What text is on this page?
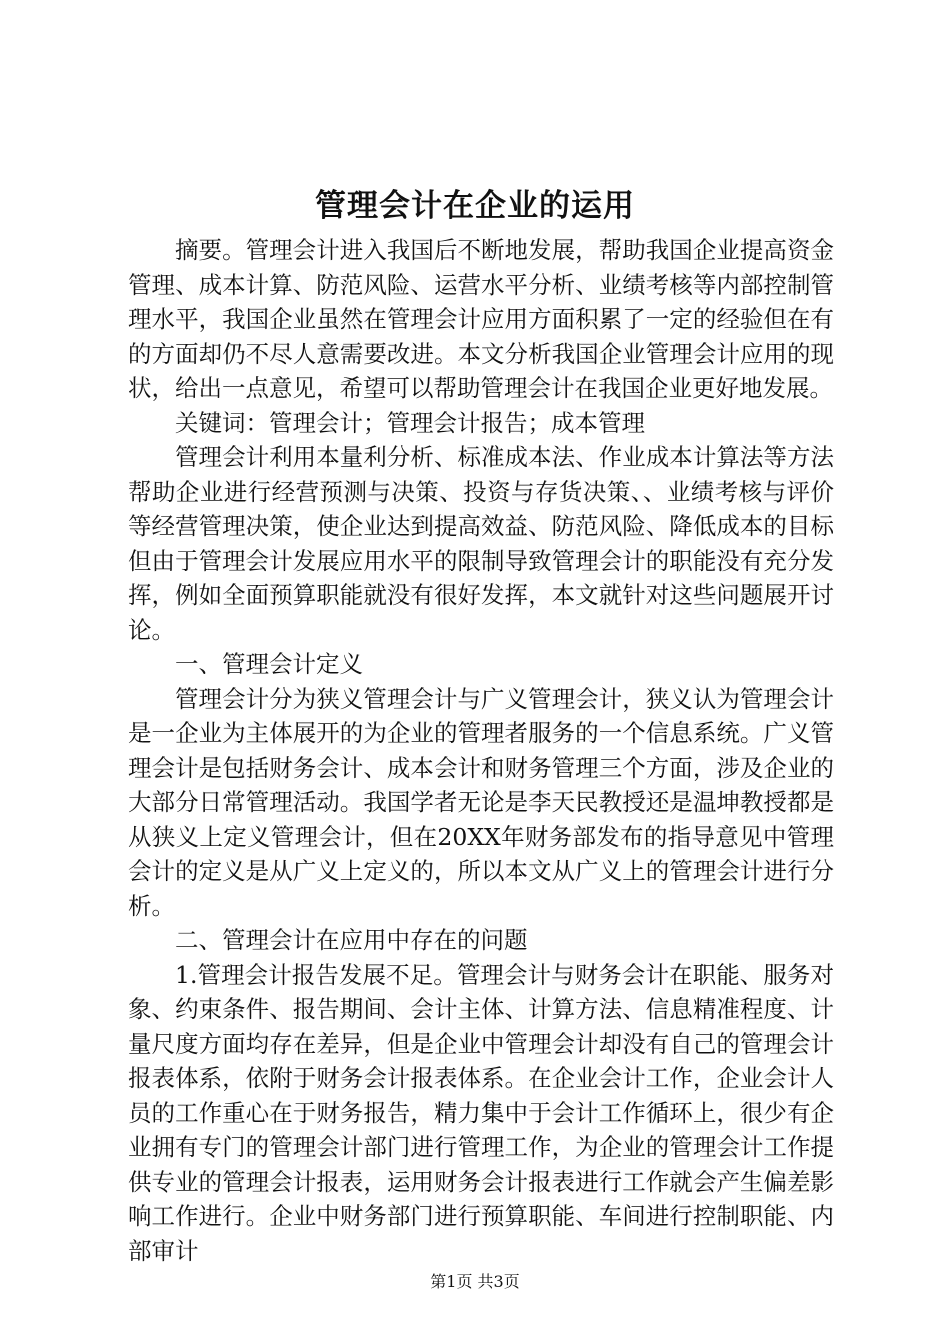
管理会计在企业的运用

摘要。管理会计进入我国后不断地发展，帮助我国企业提高资金管理、成本计算、防范风险、运营水平分析、业绩考核等内部控制管理水平，我国企业虽然在管理会计应用方面积累了一定的经验但在有的方面却仍不尽人意需要改进。本文分析我国企业管理会计应用的现状，给出一点意见，希望可以帮助管理会计在我国企业更好地发展。

关键词：管理会计；管理会计报告；成本管理

管理会计利用本量利分析、标准成本法、作业成本计算法等方法帮助企业进行经营预测与决策、投资与存货决策、、业绩考核与评价等经营管理决策，使企业达到提高效益、防范风险、降低成本的目标但由于管理会计发展应用水平的限制导致管理会计的职能没有充分发挥，例如全面预算职能就没有很好发挥，本文就针对这些问题展开讨论。

一、管理会计定义

管理会计分为狭义管理会计与广义管理会计，狭义认为管理会计是一企业为主体展开的为企业的管理者服务的一个信息系统。广义管理会计是包括财务会计、成本会计和财务管理三个方面，涉及企业的大部分日常管理活动。我国学者无论是李天民教授还是温坤教授都是从狭义上定义管理会计，但在20XX年财务部发布的指导意见中管理会计的定义是从广义上定义的，所以本文从广义上的管理会计进行分析。

二、管理会计在应用中存在的问题

1.管理会计报告发展不足。管理会计与财务会计在职能、服务对象、约束条件、报告期间、会计主体、计算方法、信息精准程度、计量尺度方面均存在差异，但是企业中管理会计却没有自己的管理会计报表体系，依附于财务会计报表体系。在企业会计工作，企业会计人员的工作重心在于财务报告，精力集中于会计工作循环上，很少有企业拥有专门的管理会计部门进行管理工作，为企业的管理会计工作提供专业的管理会计报表，运用财务会计报表进行工作就会产生偏差影响工作进行。企业中财务部门进行预算职能、车间进行控制职能、内部审计

第1页 共3页
